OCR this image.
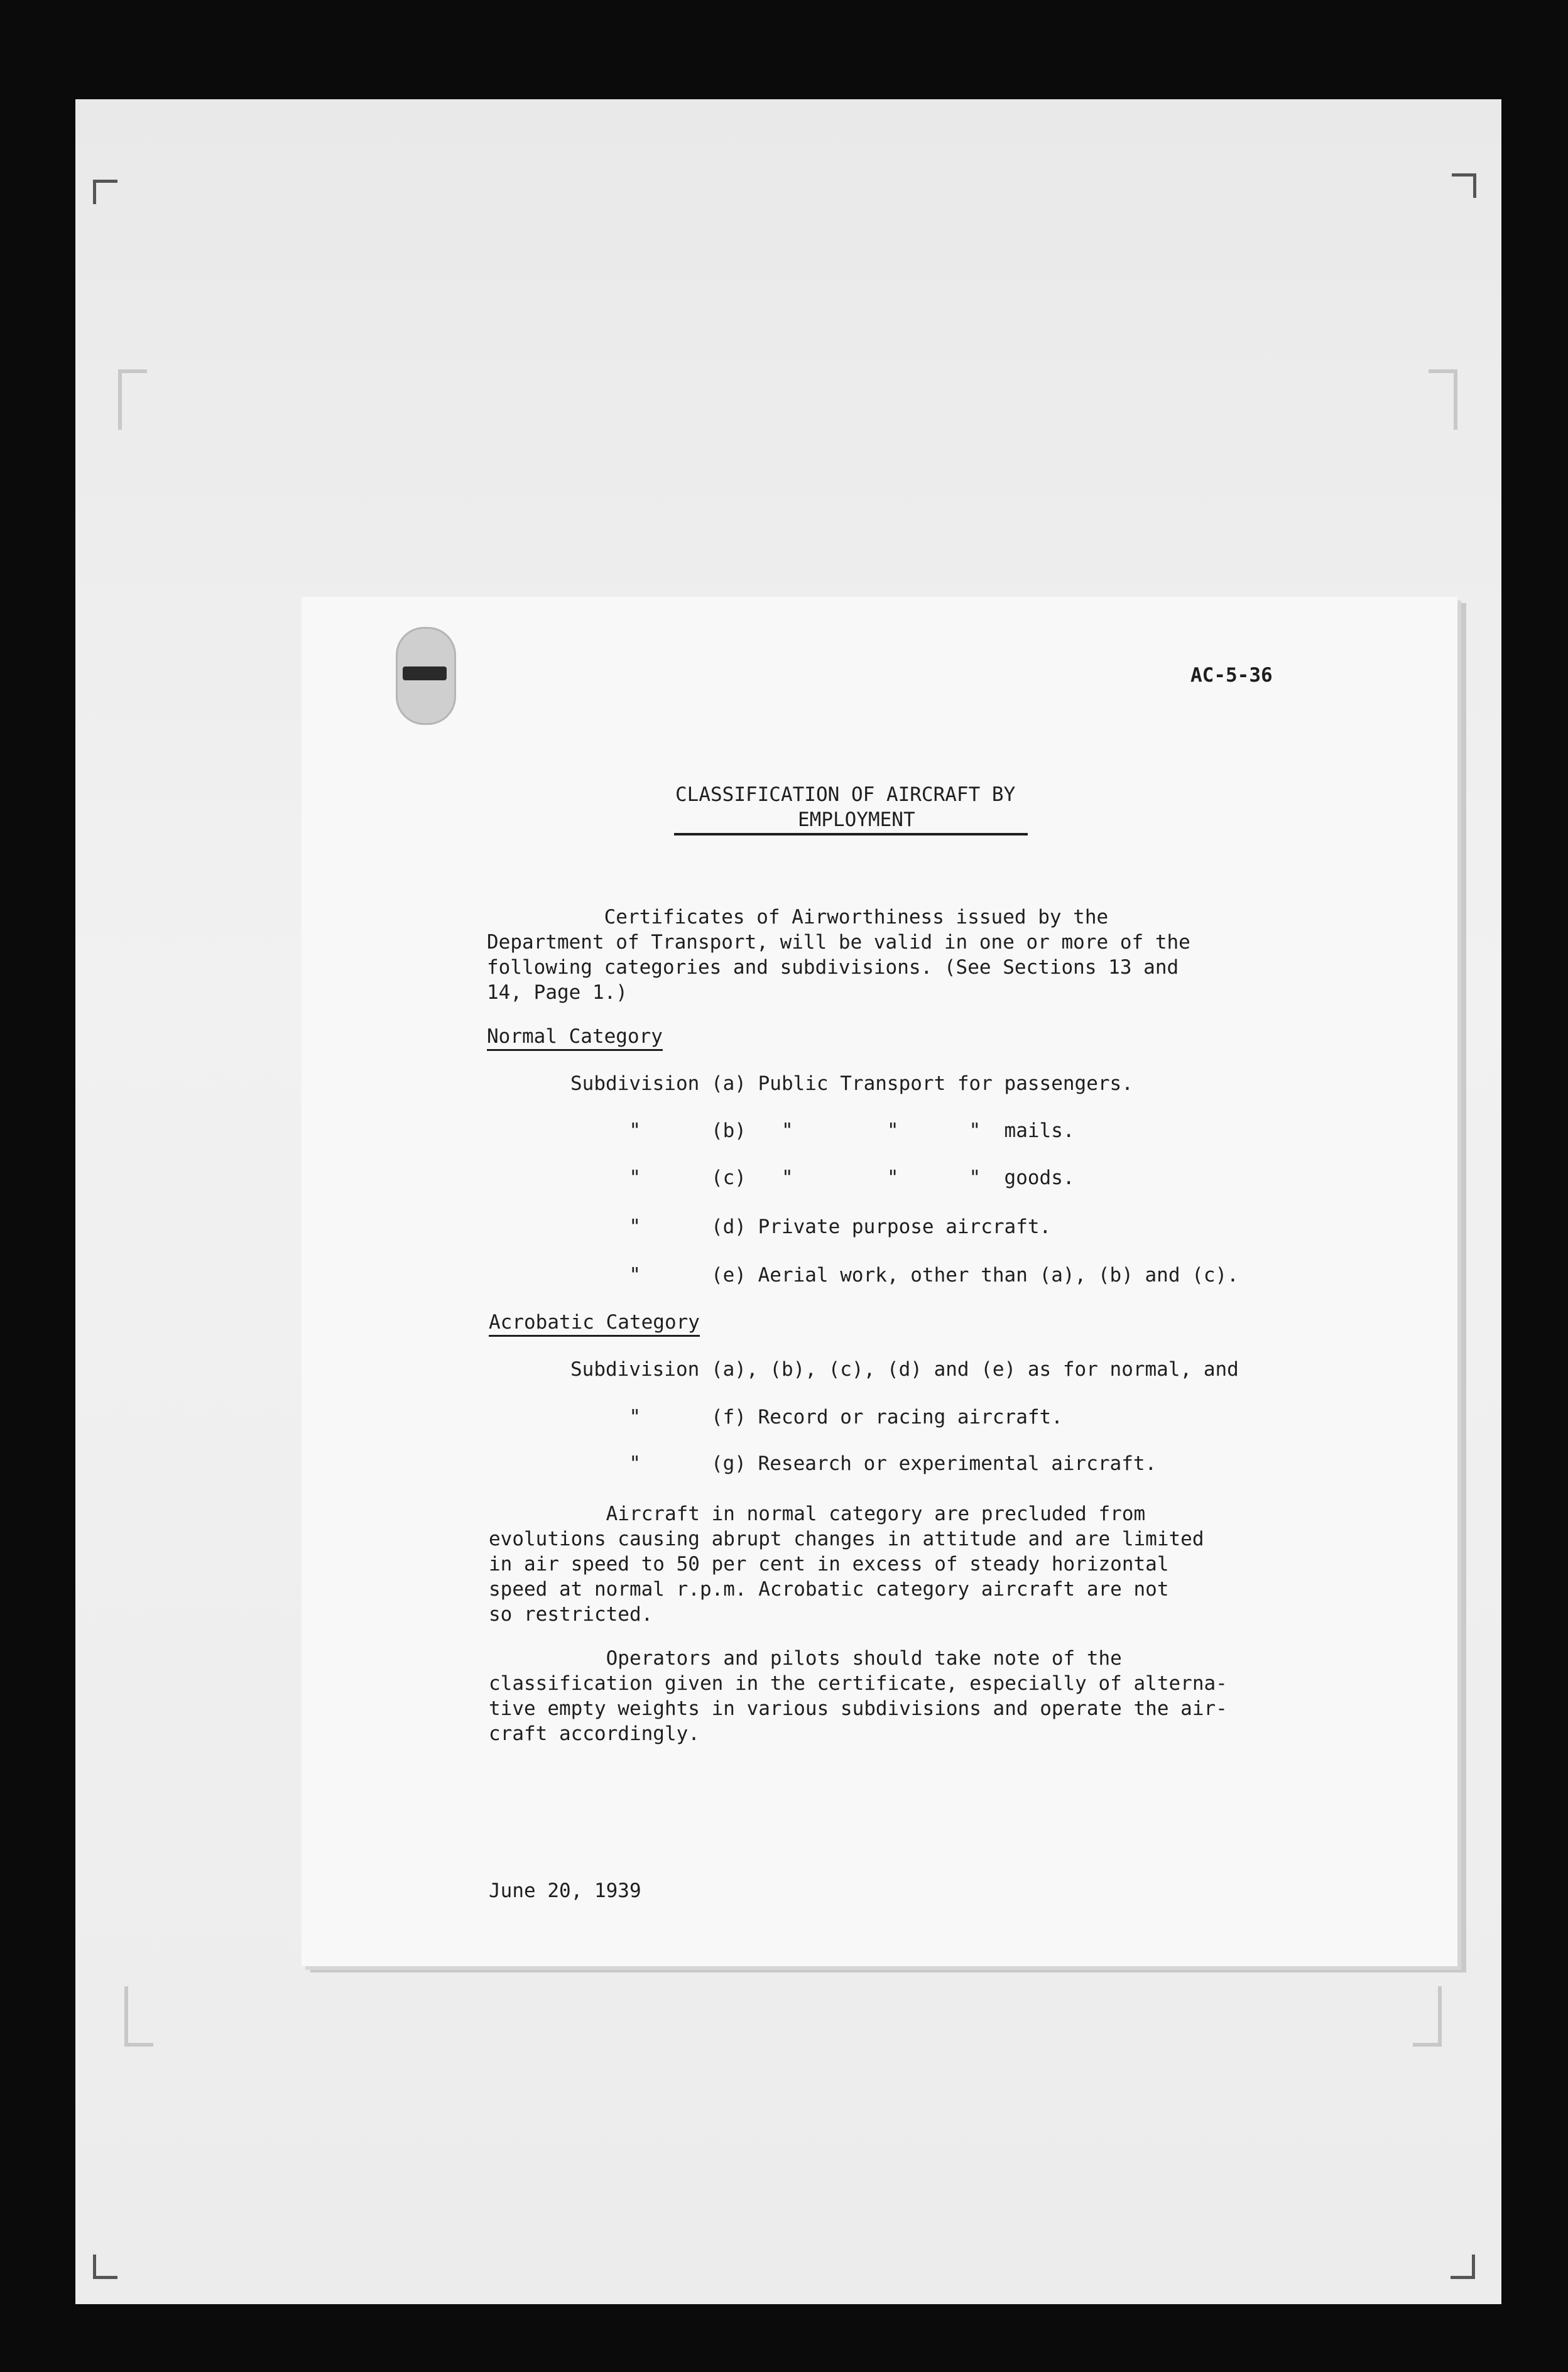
AC-5-36
CLASSIFICATION OF AIRCRAFT BY
EMPLOYMENT
Certificates of Airworthiness issued by the
Department of Transport, will be valid in one or more of the
following categories and subdivisions. (See Sections 13 and
14, Page 1.)
Normal Category
Subdivision (a) Public Transport for passengers.
"      (b)   "        "      "  mails.
"      (c)   "        "      "  goods.
"      (d) Private purpose aircraft.
"      (e) Aerial work, other than (a), (b) and (c).
Acrobatic Category
Subdivision (a), (b), (c), (d) and (e) as for normal, and
"      (f) Record or racing aircraft.
"      (g) Research or experimental aircraft.
Aircraft in normal category are precluded from
evolutions causing abrupt changes in attitude and are limited
in air speed to 50 per cent in excess of steady horizontal
speed at normal r.p.m. Acrobatic category aircraft are not
so restricted.
Operators and pilots should take note of the
classification given in the certificate, especially of alterna-
tive empty weights in various subdivisions and operate the air-
craft accordingly.
June 20, 1939
